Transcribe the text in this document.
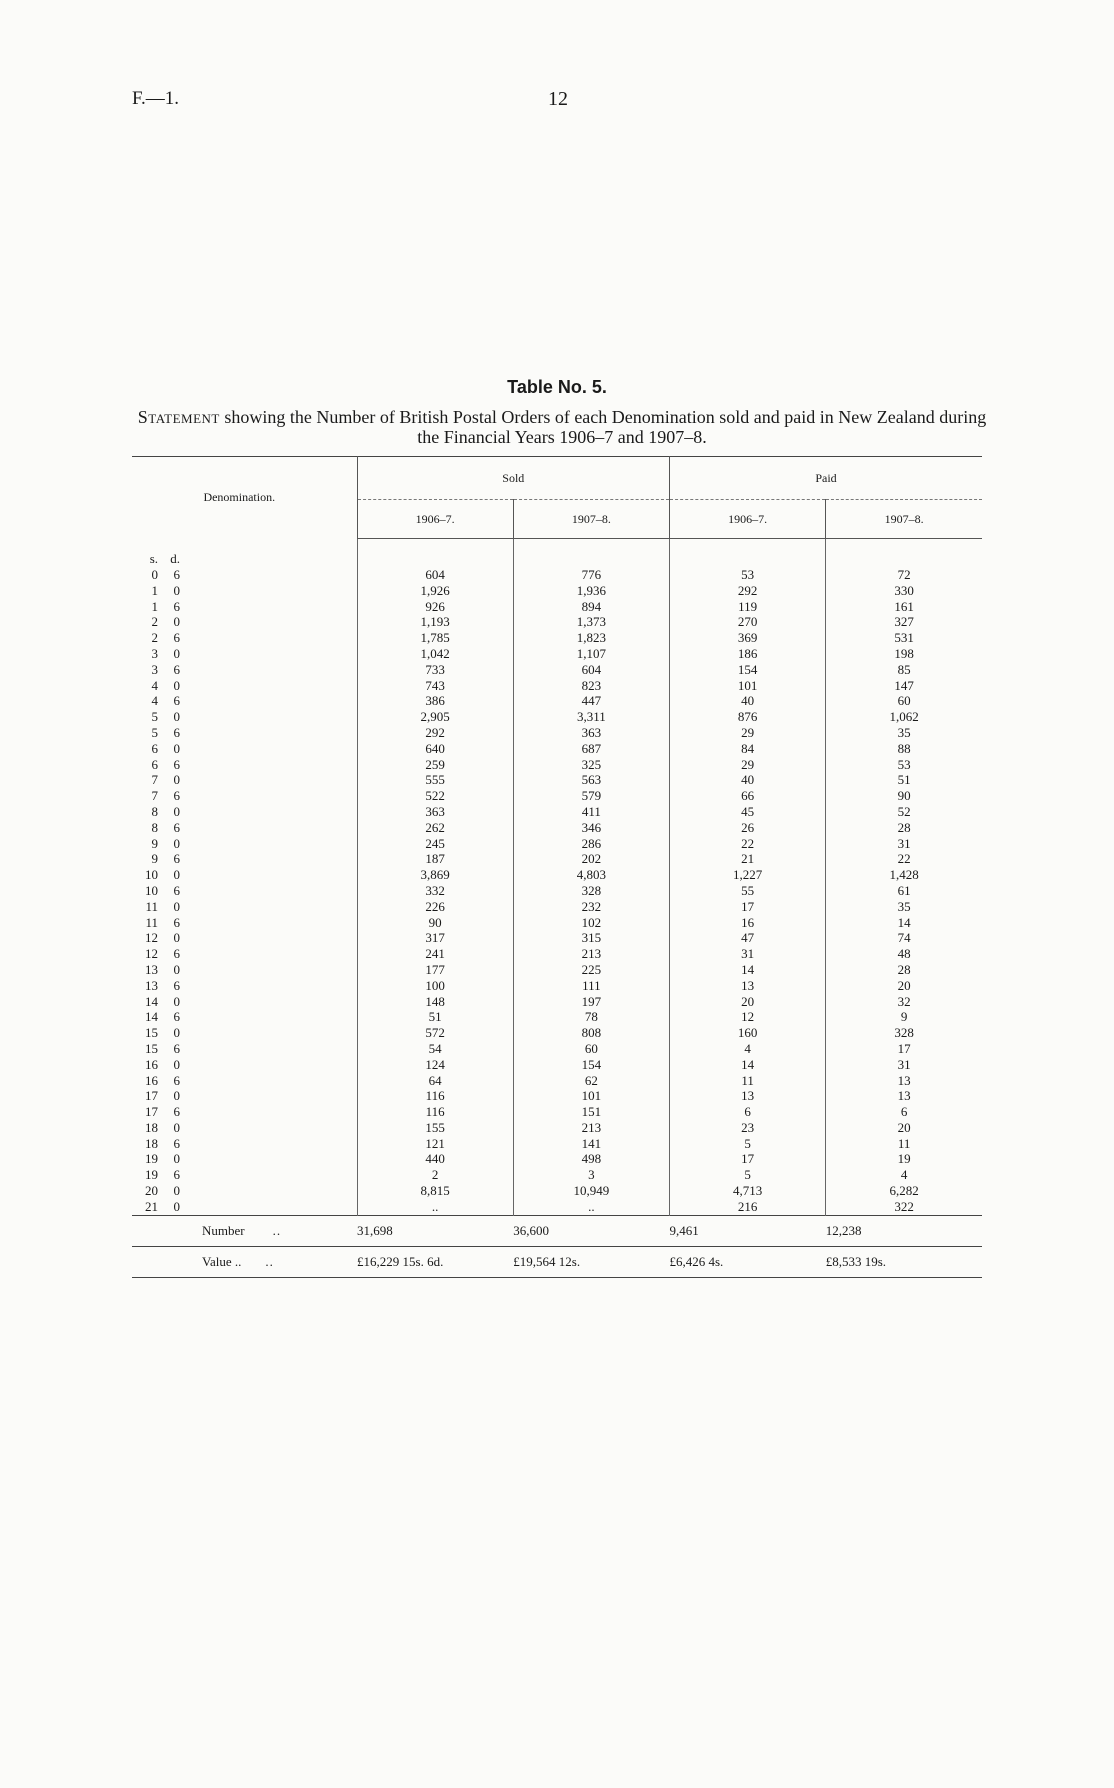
F.—1.	12
Table No. 5.
Statement showing the Number of British Postal Orders of each Denomination sold and paid in New Zealand during the Financial Years 1906–7 and 1907–8.
Denomination.	Sold		Paid	
	1906–7.	1907–8.	1906–7.	1907–8.
s. d.				
0 6	604	776	53	72
1 0	1,926	1,936	292	330
1 6	926	894	119	161
2 0	1,193	1,373	270	327
2 6	1,785	1,823	369	531
3 0	1,042	1,107	186	198
3 6	733	604	154	85
4 0	743	823	101	147
4 6	386	447	40	60
5 0	2,905	3,311	876	1,062
5 6	292	363	29	35
6 0	640	687	84	88
6 6	259	325	29	53
7 0	555	563	40	51
7 6	522	579	66	90
8 0	363	411	45	52
8 6	262	346	26	28
9 0	245	286	22	31
9 6	187	202	21	22
10 0	3,869	4,803	1,227	1,428
10 6	332	328	55	61
11 0	226	232	17	35
11 6	90	102	16	14
12 0	317	315	47	74
12 6	241	213	31	48
13 0	177	225	14	28
13 6	100	111	13	20
14 0	148	197	20	32
14 6	51	78	12	9
15 0	572	808	160	328
15 6	54	60	4	17
16 0	124	154	14	31
16 6	64	62	11	13
17 0	116	101	13	13
17 6	116	151	6	6
18 0	155	213	23	20
18 6	121	141	5	11
19 0	440	498	17	19
19 6	2	3	5	4
20 0	8,815	10,949	4,713	6,282
21 0	..	..	216	322
Number ..	31,698	36,600	9,461	12,238
Value .. ..	£16,229 15s. 6d.	£19,564 12s.	£6,426 4s.	£8,533 19s.
